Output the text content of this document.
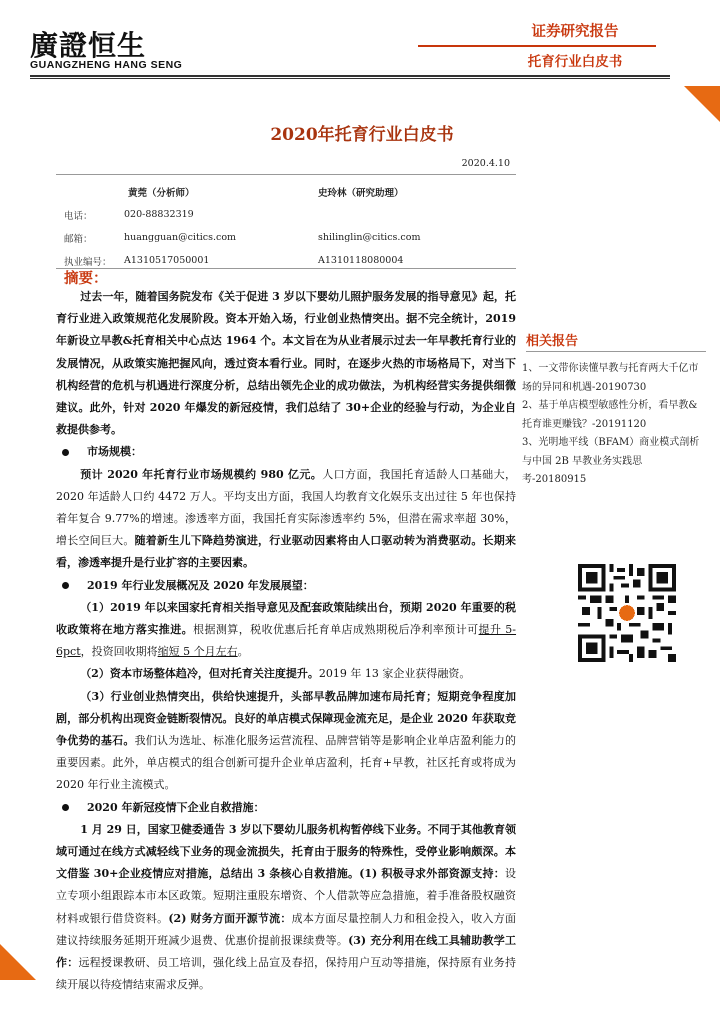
廣證恒生
GUANGZHENG HANG SENG
证券研究报告
托育行业白皮书
2020年托育行业白皮书
2020.4.10
	黄莞（分析师）	史玲林（研究助理）
电话：	020-88832319	
邮箱：	huangguan@citics.com	shilinglin@citics.com
执业编号：	A1310517050001	A1310118080004
摘要：

过去一年，随着国务院发布《关于促进 3 岁以下婴幼儿照护服务发展的指导意见》起，托育行业进入政策规范化发展阶段。资本开始入场，行业创业热情突出。据不完全统计，2019 年新设立早教&托育相关中心点达 1964 个。本文旨在为从业者展示过去一年早教托育行业的发展情况，从政策实施把握风向，透过资本看行业。同时，在逐步火热的市场格局下，对当下机构经营的危机与机遇进行深度分析，总结出领先企业的成功做法，为机构经营实务提供细微建议。此外，针对 2020 年爆发的新冠疫情，我们总结了 30+企业的经验与行动，为企业自救提供参考。

市场规模：

预计 2020 年托育行业市场规模约 980 亿元。人口方面，我国托育适龄人口基础大，2020 年适龄人口约 4472 万人。平均支出方面，我国人均教育文化娱乐支出过往 5 年也保持着年复合 9.77%的增速。渗透率方面，我国托育实际渗透率约 5%，但潜在需求率超 30%，增长空间巨大。随着新生儿下降趋势演进，行业驱动因素将由人口驱动转为消费驱动。长期来看，渗透率提升是行业扩容的主要因素。

2019 年行业发展概况及 2020 年发展展望：

（1）2019 年以来国家托育相关指导意见及配套政策陆续出台，预期 2020 年重要的税收政策将在地方落实推进。根据测算，税收优惠后托育单店成熟期税后净利率预计可提升 5-6pct，投资回收期将缩短 5 个月左右。

（2）资本市场整体趋冷，但对托育关注度提升。2019 年 13 家企业获得融资。

（3）行业创业热情突出，供给快速提升，头部早教品牌加速布局托育；短期竞争程度加剧，部分机构出现资金链断裂情况。良好的单店模式保障现金流充足，是企业 2020 年获取竞争优势的基石。我们认为选址、标准化服务运营流程、品牌营销等是影响企业单店盈利能力的重要因素。此外，单店模式的组合创新可提升企业单店盈利，托育+早教，社区托育或将成为 2020 年行业主流模式。

2020 年新冠疫情下企业自救措施：

1 月 29 日，国家卫健委通告 3 岁以下婴幼儿服务机构暂停线下业务。不同于其他教育领域可通过在线方式减轻线下业务的现金流损失，托育由于服务的特殊性，受停业影响颇深。本文借鉴 30+企业疫情应对措施，总结出 3 条核心自救措施。(1) 积极寻求外部资源支持：设立专项小组跟踪本市本区政策。短期注重股东增资、个人借款等应急措施，着手准备股权融资材料或银行借贷资料。(2) 财务方面开源节流：成本方面尽量控制人力和租金投入，收入方面建议持续服务延期开班减少退费、优惠价提前报课续费等。(3) 充分利用在线工具辅助教学工作：远程授课教研、员工培训，强化线上品宣及春招，保持用户互动等措施，保持原有业务持续开展以待疫情结束需求反弹。

相关报告

1、一文带你读懂早教与托育两大千亿市场的异同和机遇-20190730

2、基于单店模型敏感性分析，看早教&托育谁更赚钱？-20191120

3、光明地平线（BFAM）商业模式剖析与中国 2B 早教业务实践思考-20180915
